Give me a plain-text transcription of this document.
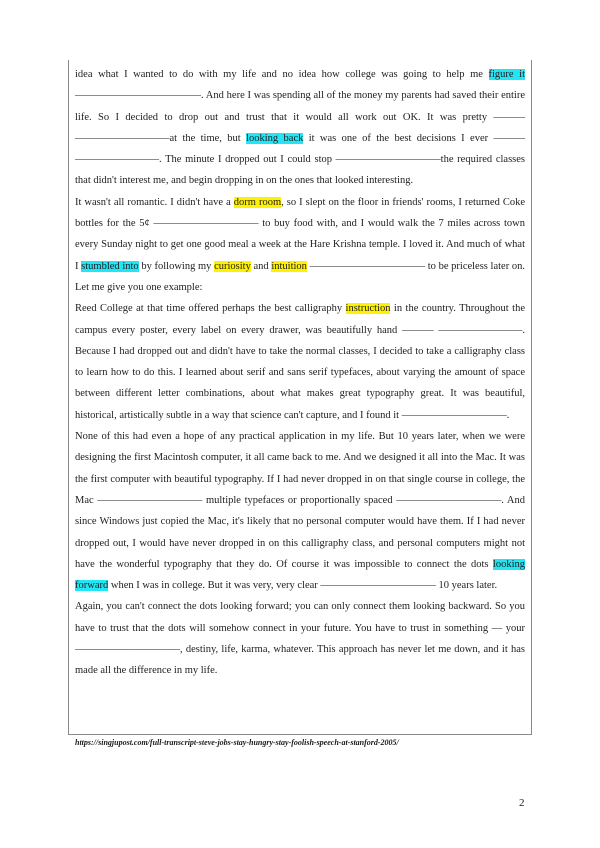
idea what I wanted to do with my life and no idea how college was going to help me figure it ————————————. And here I was spending all of the money my parents had saved their entire life. So I decided to drop out and trust that it would all work out OK. It was pretty ——— —————————at the time, but looking back it was one of the best decisions I ever ——— ————————. The minute I dropped out I could stop ——————————the required classes that didn't interest me, and begin dropping in on the ones that looked interesting.

It wasn't all romantic. I didn't have a dorm room, so I slept on the floor in friends' rooms, I returned Coke bottles for the 5¢ —————————— to buy food with, and I would walk the 7 miles across town every Sunday night to get one good meal a week at the Hare Krishna temple. I loved it. And much of what I stumbled into by following my curiosity and intuition ——————————— to be priceless later on. Let me give you one example:

Reed College at that time offered perhaps the best calligraphy instruction in the country. Throughout the campus every poster, every label on every drawer, was beautifully hand ——— ————————. Because I had dropped out and didn't have to take the normal classes, I decided to take a calligraphy class to learn how to do this. I learned about serif and sans serif typefaces, about varying the amount of space between different letter combinations, about what makes great typography great. It was beautiful, historical, artistically subtle in a way that science can't capture, and I found it ——————————.

None of this had even a hope of any practical application in my life. But 10 years later, when we were designing the first Macintosh computer, it all came back to me. And we designed it all into the Mac. It was the first computer with beautiful typography. If I had never dropped in on that single course in college, the Mac —————————— multiple typefaces or proportionally spaced ——————————. And since Windows just copied the Mac, it's likely that no personal computer would have them. If I had never dropped out, I would have never dropped in on this calligraphy class, and personal computers might not have the wonderful typography that they do. Of course it was impossible to connect the dots looking forward when I was in college. But it was very, very clear ——————————— 10 years later.

Again, you can't connect the dots looking forward; you can only connect them looking backward. So you have to trust that the dots will somehow connect in your future. You have to trust in something — your ——————————, destiny, life, karma, whatever. This approach has never let me down, and it has made all the difference in my life.

https://singjupost.com/full-transcript-steve-jobs-stay-hungry-stay-foolish-speech-at-stanford-2005/
2
